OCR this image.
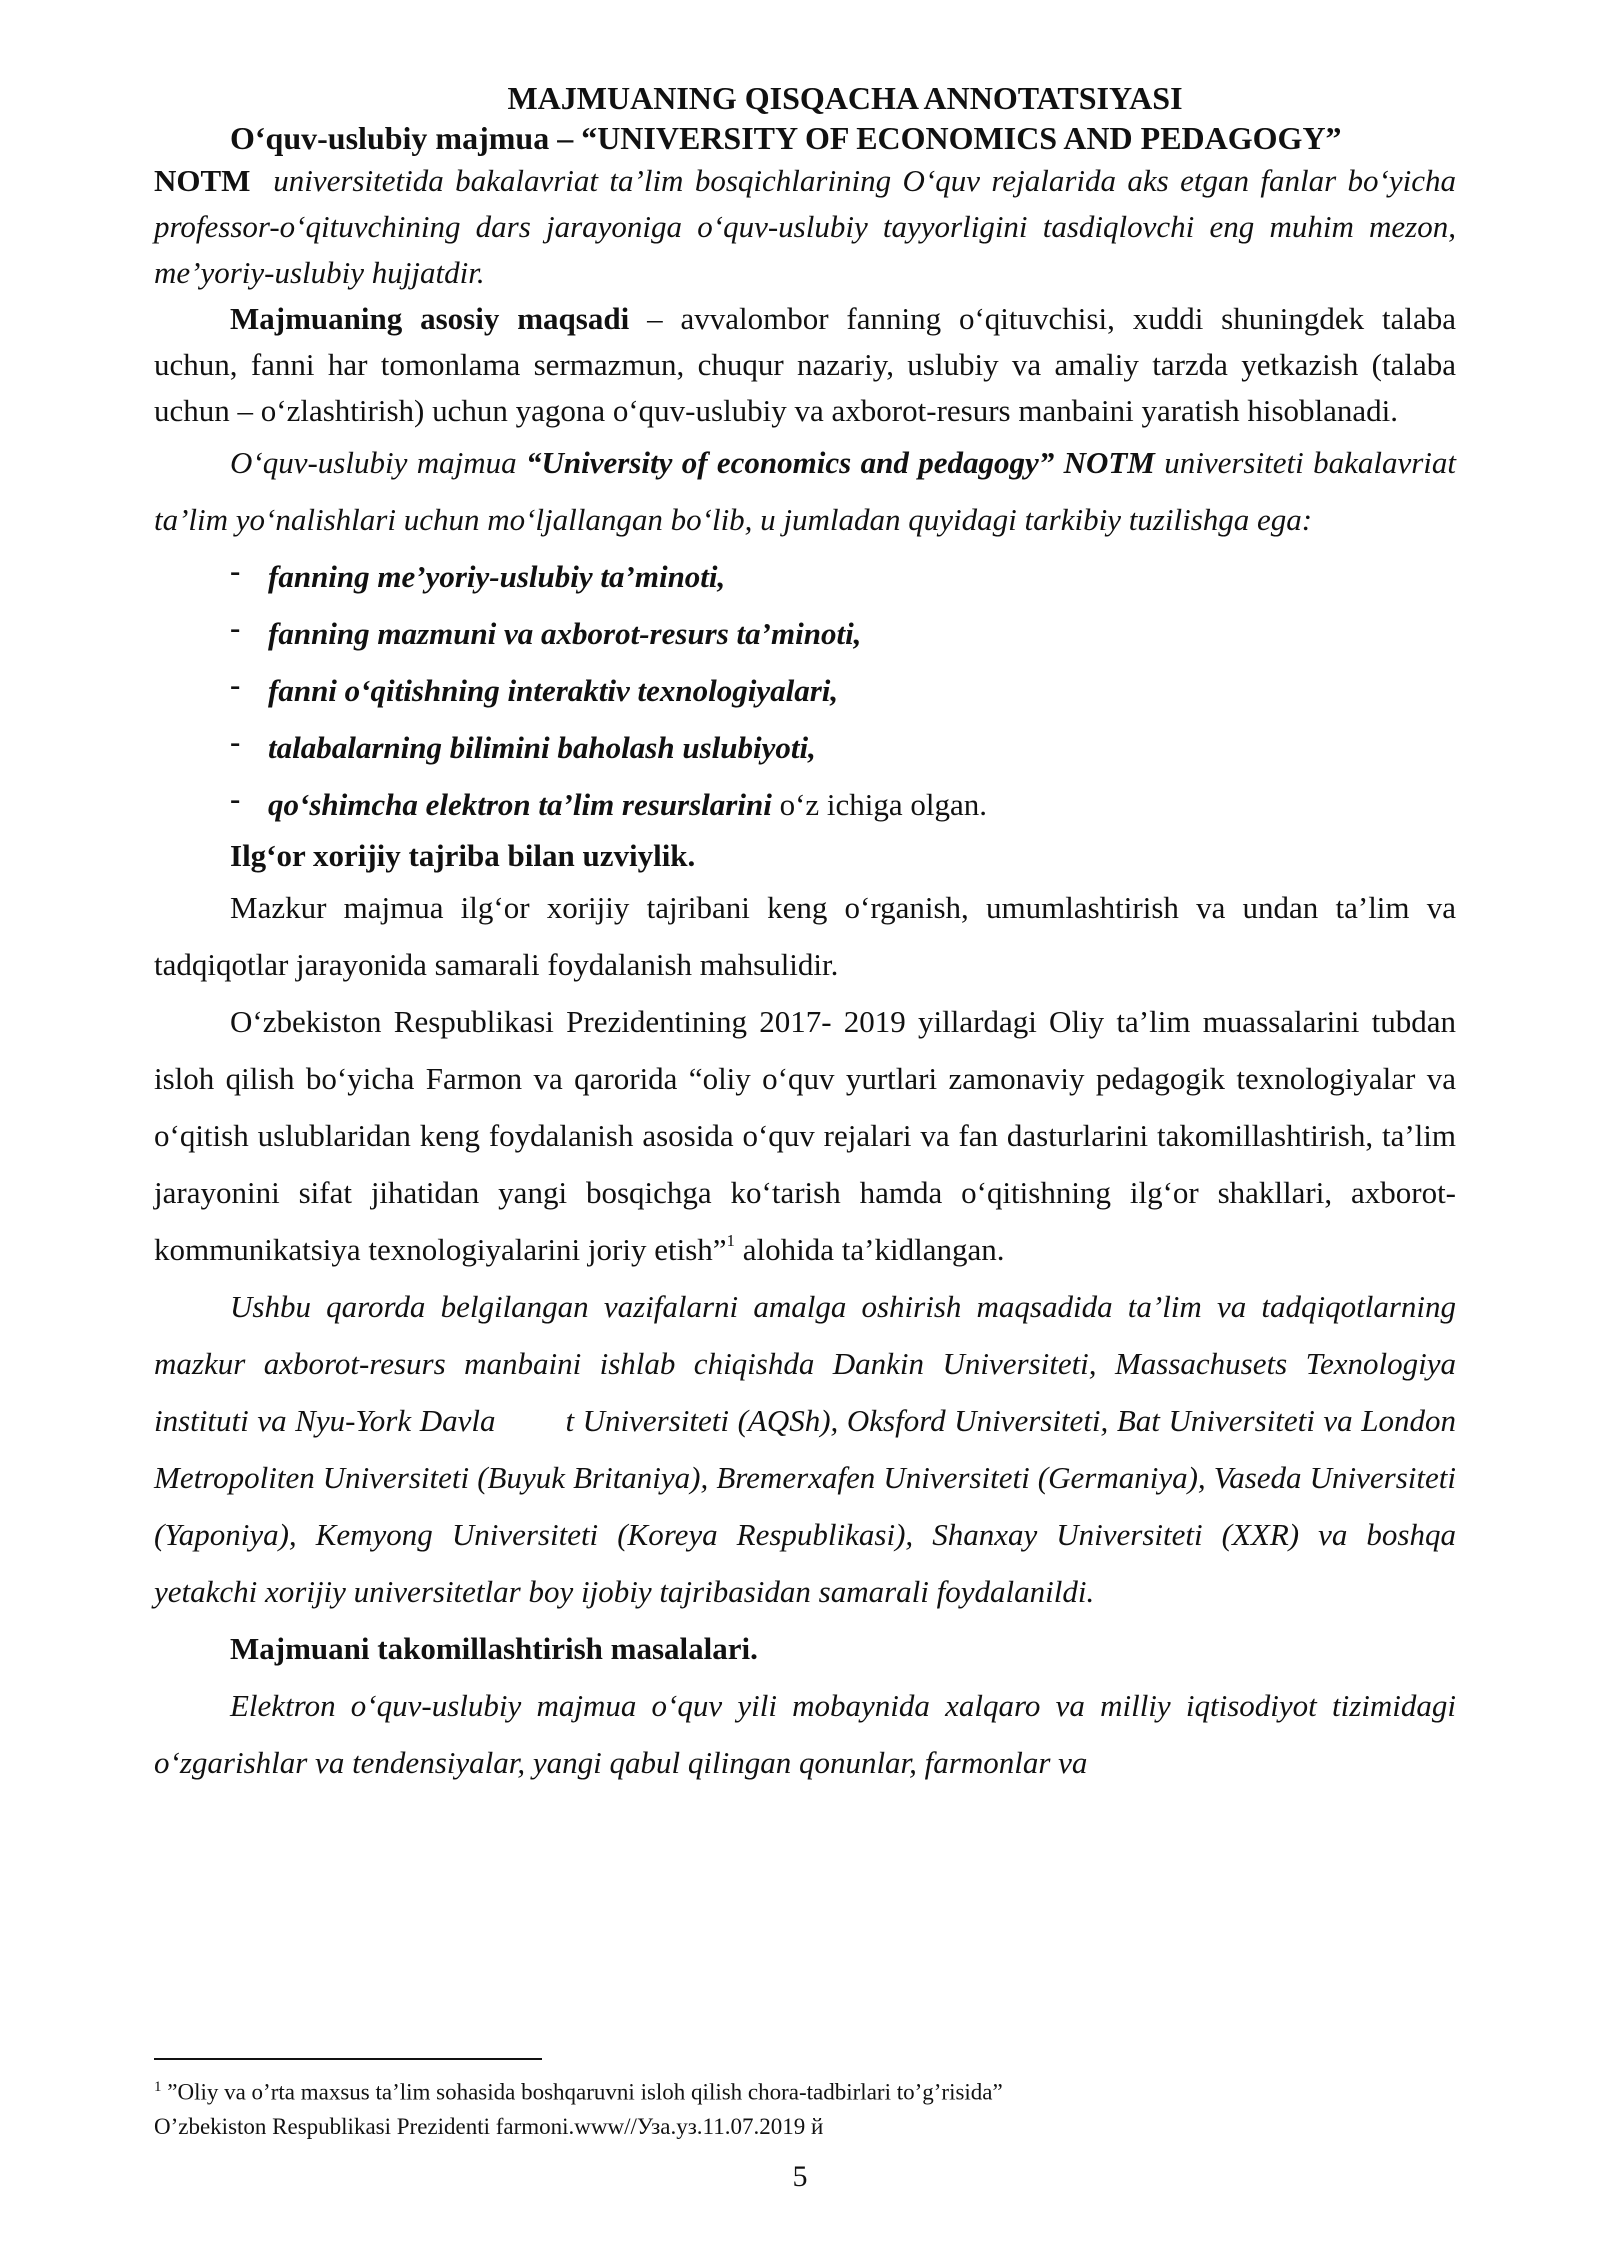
MAJMUANING QISQACHA ANNOTATSIYASI
O‘quv-uslubiy majmua – “UNIVERSITY OF ECONOMICS AND PEDAGOGY”

NOTM universitetida bakalavriat ta’lim bosqichlarining O‘quv rejalarida aks etgan fanlar bo‘yicha professor-o‘qituvchining dars jarayoniga o‘quv-uslubiy tayyorligini tasdiqlovchi eng muhim mezon, me’yoriy-uslubiy hujjatdir.

Majmuaning asosiy maqsadi – avvalombor fanning o‘qituvchisi, xuddi shuningdek talaba uchun, fanni har tomonlama sermazmun, chuqur nazariy, uslubiy va amaliy tarzda yetkazish (talaba uchun – o‘zlashtirish) uchun yagona o‘quv-uslubiy va axborot-resurs manbaini yaratish hisoblanadi.

O‘quv-uslubiy majmua “University of economics and pedagogy” NOTM universiteti bakalavriat ta’lim yo‘nalishlari uchun mo‘ljallangan bo‘lib, u jumladan quyidagi tarkibiy tuzilishga ega:

- fanning me’yoriy-uslubiy ta’minoti,
- fanning mazmuni va axborot-resurs ta’minoti,
- fanni o‘qitishning interaktiv texnologiyalari,
- talabalarning bilimini baholash uslubiyoti,
- qo‘shimcha elektron ta’lim resurslarini o‘z ichiga olgan.
Ilg‘or xorijiy tajriba bilan uzviylik.

Mazkur majmua ilg‘or xorijiy tajribani keng o‘rganish, umumlashtirish va undan ta’lim va tadqiqotlar jarayonida samarali foydalanish mahsulidir.

O‘zbekiston Respublikasi Prezidentining 2017- 2019 yillardagi Oliy ta’lim muassalarini tubdan isloh qilish bo‘yicha Farmon va qarorida “oliy o‘quv yurtlari zamonaviy pedagogik texnologiyalar va o‘qitish uslublaridan keng foydalanish asosida o‘quv rejalari va fan dasturlarini takomillashtirish, ta’lim jarayonini sifat jihatidan yangi bosqichga ko‘tarish hamda o‘qitishning ilg‘or shakllari, axborot-kommunikatsiya texnologiyalarini joriy etish”$^1$ alohida ta’kidlangan.

Ushbu qarorda belgilangan vazifalarni amalga oshirish maqsadida ta’lim va tadqiqotlarning mazkur axborot-resurs manbaini ishlab chiqishda Dankin Universiteti, Massachusets Texnologiya instituti va Nyu-York Davla t Universiteti (AQSh), Oksford Universiteti, Bat Universiteti va London Metropoliten Universiteti (Buyuk Britaniya), Bremerxafen Universiteti (Germaniya), Vaseda Universiteti (Yaponiya), Kemyong Universiteti (Koreya Respublikasi), Shanxay Universiteti (XXR) va boshqa yetakchi xorijiy universitetlar boy ijobiy tajribasidan samarali foydalanildi.

Majmuani takomillashtirish masalalari.

Elektron o‘quv-uslubiy majmua o‘quv yili mobaynida xalqaro va milliy iqtisodiyot tizimidagi o‘zgarishlar va tendensiyalar, yangi qabul qilingan qonunlar, farmonlar va

$^1$ ”Oliy va o’rta maxsus ta’lim sohasida boshqaruvni isloh qilish chora-tadbirlari to’g’risida”
O’zbekiston Respublikasi Prezidenti farmoni.www//Уза.уз.11.07.2019 й
5
